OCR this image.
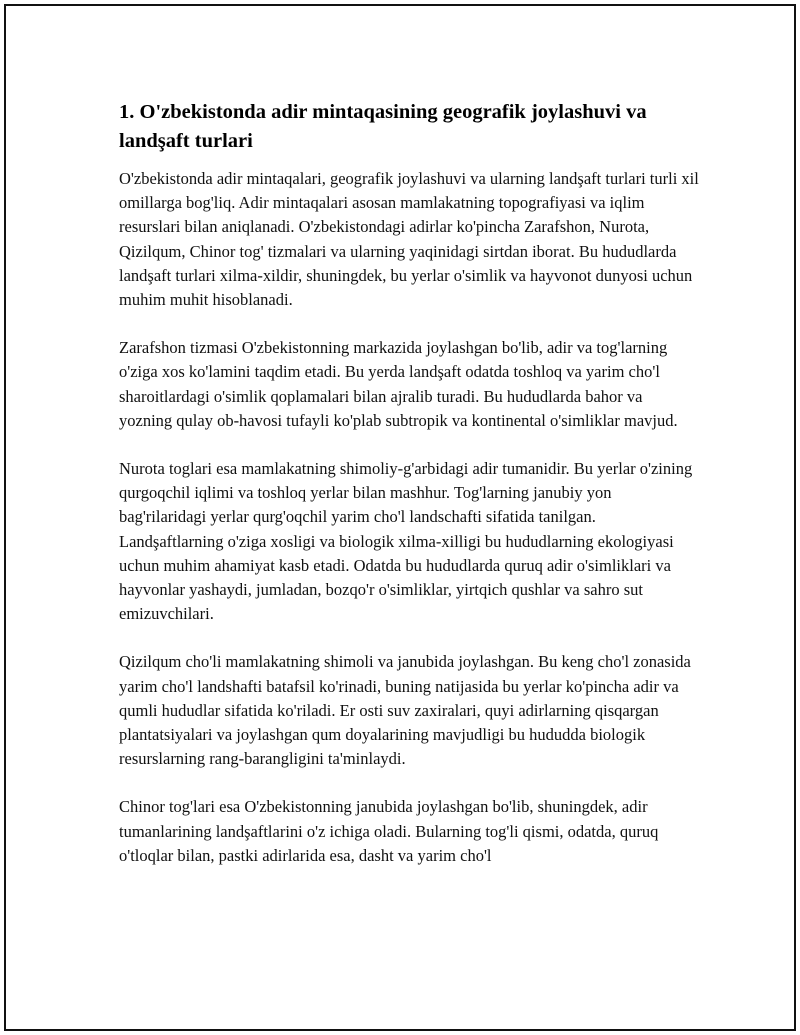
1. O'zbekistonda adir mintaqasining geografik joylashuvi va landşaft turlari

O'zbekistonda adir mintaqalari, geografik joylashuvi va ularning landşaft turlari turli xil omillarga bog'liq. Adir mintaqalari asosan mamlakatning topografiyasi va iqlim resurslari bilan aniqlanadi. O'zbekistondagi adirlar ko'pincha Zarafshon, Nurota, Qizilqum, Chinor tog' tizmalari va ularning yaqinidagi sirtdan iborat. Bu hududlarda landşaft turlari xilma-xildir, shuningdek, bu yerlar o'simlik va hayvonot dunyosi uchun muhim muhit hisoblanadi.

Zarafshon tizmasi O'zbekistonning markazida joylashgan bo'lib, adir va tog'larning o'ziga xos ko'lamini taqdim etadi. Bu yerda landşaft odatda toshloq va yarim cho'l sharoitlardagi o'simlik qoplamalari bilan ajralib turadi. Bu hududlarda bahor va yozning qulay ob-havosi tufayli ko'plab subtropik va kontinental o'simliklar mavjud.

Nurota toglari esa mamlakatning shimoliy-g'arbidagi adir tumanidir. Bu yerlar o'zining qurgoqchil iqlimi va toshloq yerlar bilan mashhur. Tog'larning janubiy yon bag'rilaridagi yerlar qurg'oqchil yarim cho'l landschafti sifatida tanilgan. Landşaftlarning o'ziga xosligi va biologik xilma-xilligi bu hududlarning ekologiyasi uchun muhim ahamiyat kasb etadi. Odatda bu hududlarda quruq adir o'simliklari va hayvonlar yashaydi, jumladan, bozqo'r o'simliklar, yirtqich qushlar va sahro sut emizuvchilari.

Qizilqum cho'li mamlakatning shimoli va janubida joylashgan. Bu keng cho'l zonasida yarim cho'l landshafti batafsil ko'rinadi, buning natijasida bu yerlar ko'pincha adir va qumli hududlar sifatida ko'riladi. Er osti suv zaxiralari, quyi adirlarning qisqargan plantatsiyalari va joylashgan qum doyalarining mavjudligi bu hududda biologik resurslarning rang-barangligini ta'minlaydi.

Chinor tog'lari esa O'zbekistonning janubida joylashgan bo'lib, shuningdek, adir tumanlarining landşaftlarini o'z ichiga oladi. Bularning tog'li qismi, odatda, quruq o'tloqlar bilan, pastki adirlarida esa, dasht va yarim cho'l
